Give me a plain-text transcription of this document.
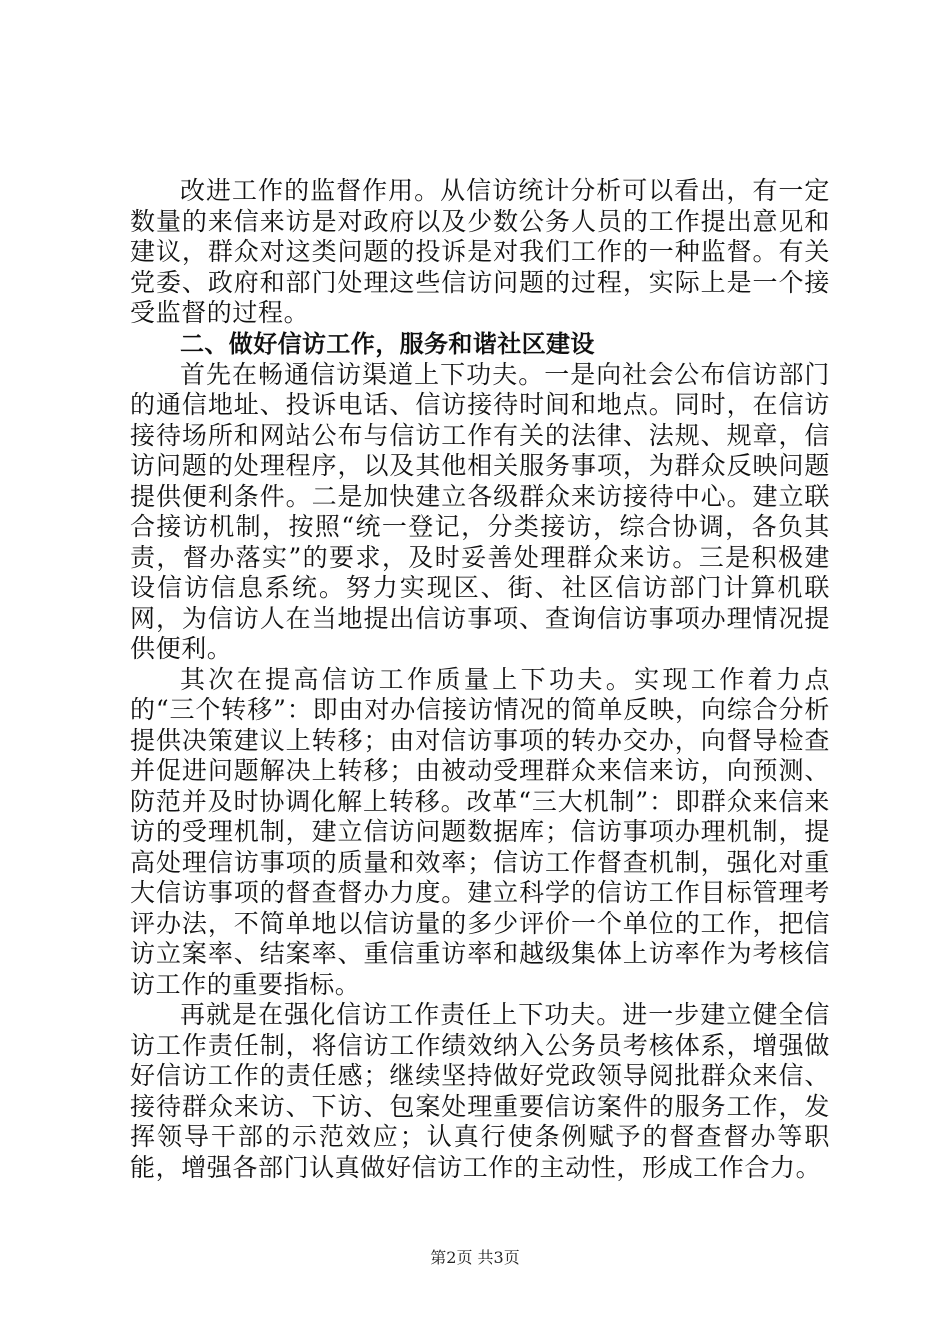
改进工作的监督作用。从信访统计分析可以看出，有一定数量的来信来访是对政府以及少数公务人员的工作提出意见和建议，群众对这类问题的投诉是对我们工作的一种监督。有关党委、政府和部门处理这些信访问题的过程，实际上是一个接受监督的过程。

二、做好信访工作，服务和谐社区建设

首先在畅通信访渠道上下功夫。一是向社会公布信访部门的通信地址、投诉电话、信访接待时间和地点。同时，在信访接待场所和网站公布与信访工作有关的法律、法规、规章，信访问题的处理程序，以及其他相关服务事项，为群众反映问题提供便利条件。二是加快建立各级群众来访接待中心。建立联合接访机制，按照“统一登记，分类接访，综合协调，各负其责，督办落实”的要求，及时妥善处理群众来访。三是积极建设信访信息系统。努力实现区、街、社区信访部门计算机联网，为信访人在当地提出信访事项、查询信访事项办理情况提供便利。

其次在提高信访工作质量上下功夫。实现工作着力点的“三个转移”：即由对办信接访情况的简单反映，向综合分析提供决策建议上转移；由对信访事项的转办交办，向督导检查并促进问题解决上转移；由被动受理群众来信来访，向预测、防范并及时协调化解上转移。改革“三大机制”：即群众来信来访的受理机制，建立信访问题数据库；信访事项办理机制，提高处理信访事项的质量和效率；信访工作督查机制，强化对重大信访事项的督查督办力度。建立科学的信访工作目标管理考评办法，不简单地以信访量的多少评价一个单位的工作，把信访立案率、结案率、重信重访率和越级集体上访率作为考核信访工作的重要指标。

再就是在强化信访工作责任上下功夫。进一步建立健全信访工作责任制，将信访工作绩效纳入公务员考核体系，增强做好信访工作的责任感；继续坚持做好党政领导阅批群众来信、接待群众来访、下访、包案处理重要信访案件的服务工作，发挥领导干部的示范效应；认真行使条例赋予的督查督办等职能，增强各部门认真做好信访工作的主动性，形成工作合力。

第2页 共3页
